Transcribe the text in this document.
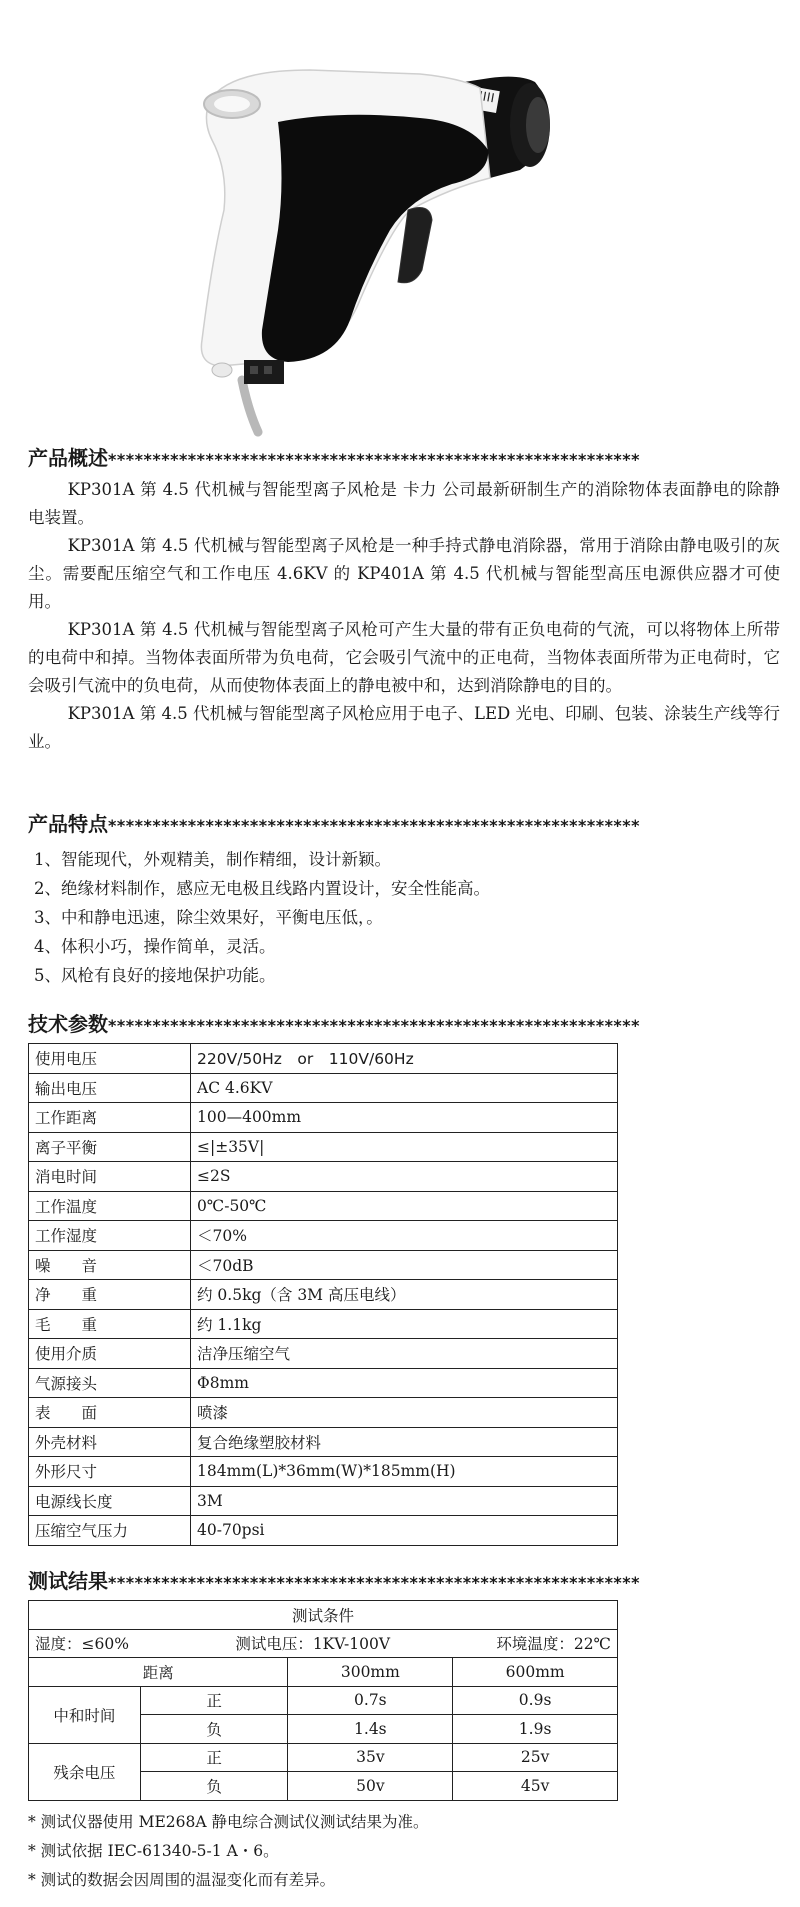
产品概述************************************************************

KP301A 第 4.5 代机械与智能型离子风枪是 卡力 公司最新研制生产的消除物体表面静电的除静电装置。

KP301A 第 4.5 代机械与智能型离子风枪是一种手持式静电消除器，常用于消除由静电吸引的灰尘。需要配压缩空气和工作电压 4.6KV 的 KP401A 第 4.5 代机械与智能型高压电源供应器才可使用。

KP301A 第 4.5 代机械与智能型离子风枪可产生大量的带有正负电荷的气流，可以将物体上所带的电荷中和掉。当物体表面所带为负电荷，它会吸引气流中的正电荷，当物体表面所带为正电荷时，它会吸引气流中的负电荷，从而使物体表面上的静电被中和，达到消除静电的目的。

KP301A 第 4.5 代机械与智能型离子风枪应用于电子、LED 光电、印刷、包装、涂装生产线等行业。

产品特点************************************************************
1、智能现代，外观精美，制作精细，设计新颖。
2、绝缘材料制作，感应无电极且线路内置设计，安全性能高。
3、中和静电迅速，除尘效果好，平衡电压低，。
4、体积小巧，操作简单，灵活。
5、风枪有良好的接地保护功能。
技术参数************************************************************
使用电压	220V/50Hz　or　110V/60Hz
输出电压	AC 4.6KV
工作距离	100—400mm
离子平衡	≤|±35V|
消电时间	≤2S
工作温度	0℃-50℃
工作湿度	＜70%
噪　　音	＜70dB
净　　重	约 0.5kg（含 3M 高压电线）
毛　　重	约 1.1kg
使用介质	洁净压缩空气
气源接头	Φ8mm
表　　面	喷漆
外壳材料	复合绝缘塑胶材料
外形尺寸	184mm(L)*36mm(W)*185mm(H)
电源线长度	3M
压缩空气压力	40-70psi
测试结果************************************************************
测试条件			

湿度：≤60% 测试电压：1KV-100V 环境温度：22℃			

距离		300mm	600mm
中和时间	正	0.7s	0.9s
	负	1.4s	1.9s
残余电压	正	35v	25v
	负	50v	45v
* 测试仪器使用 ME268A 静电综合测试仪测试结果为准。
* 测试依据 IEC-61340-5-1 A・6。
* 测试的数据会因周围的温湿变化而有差异。
